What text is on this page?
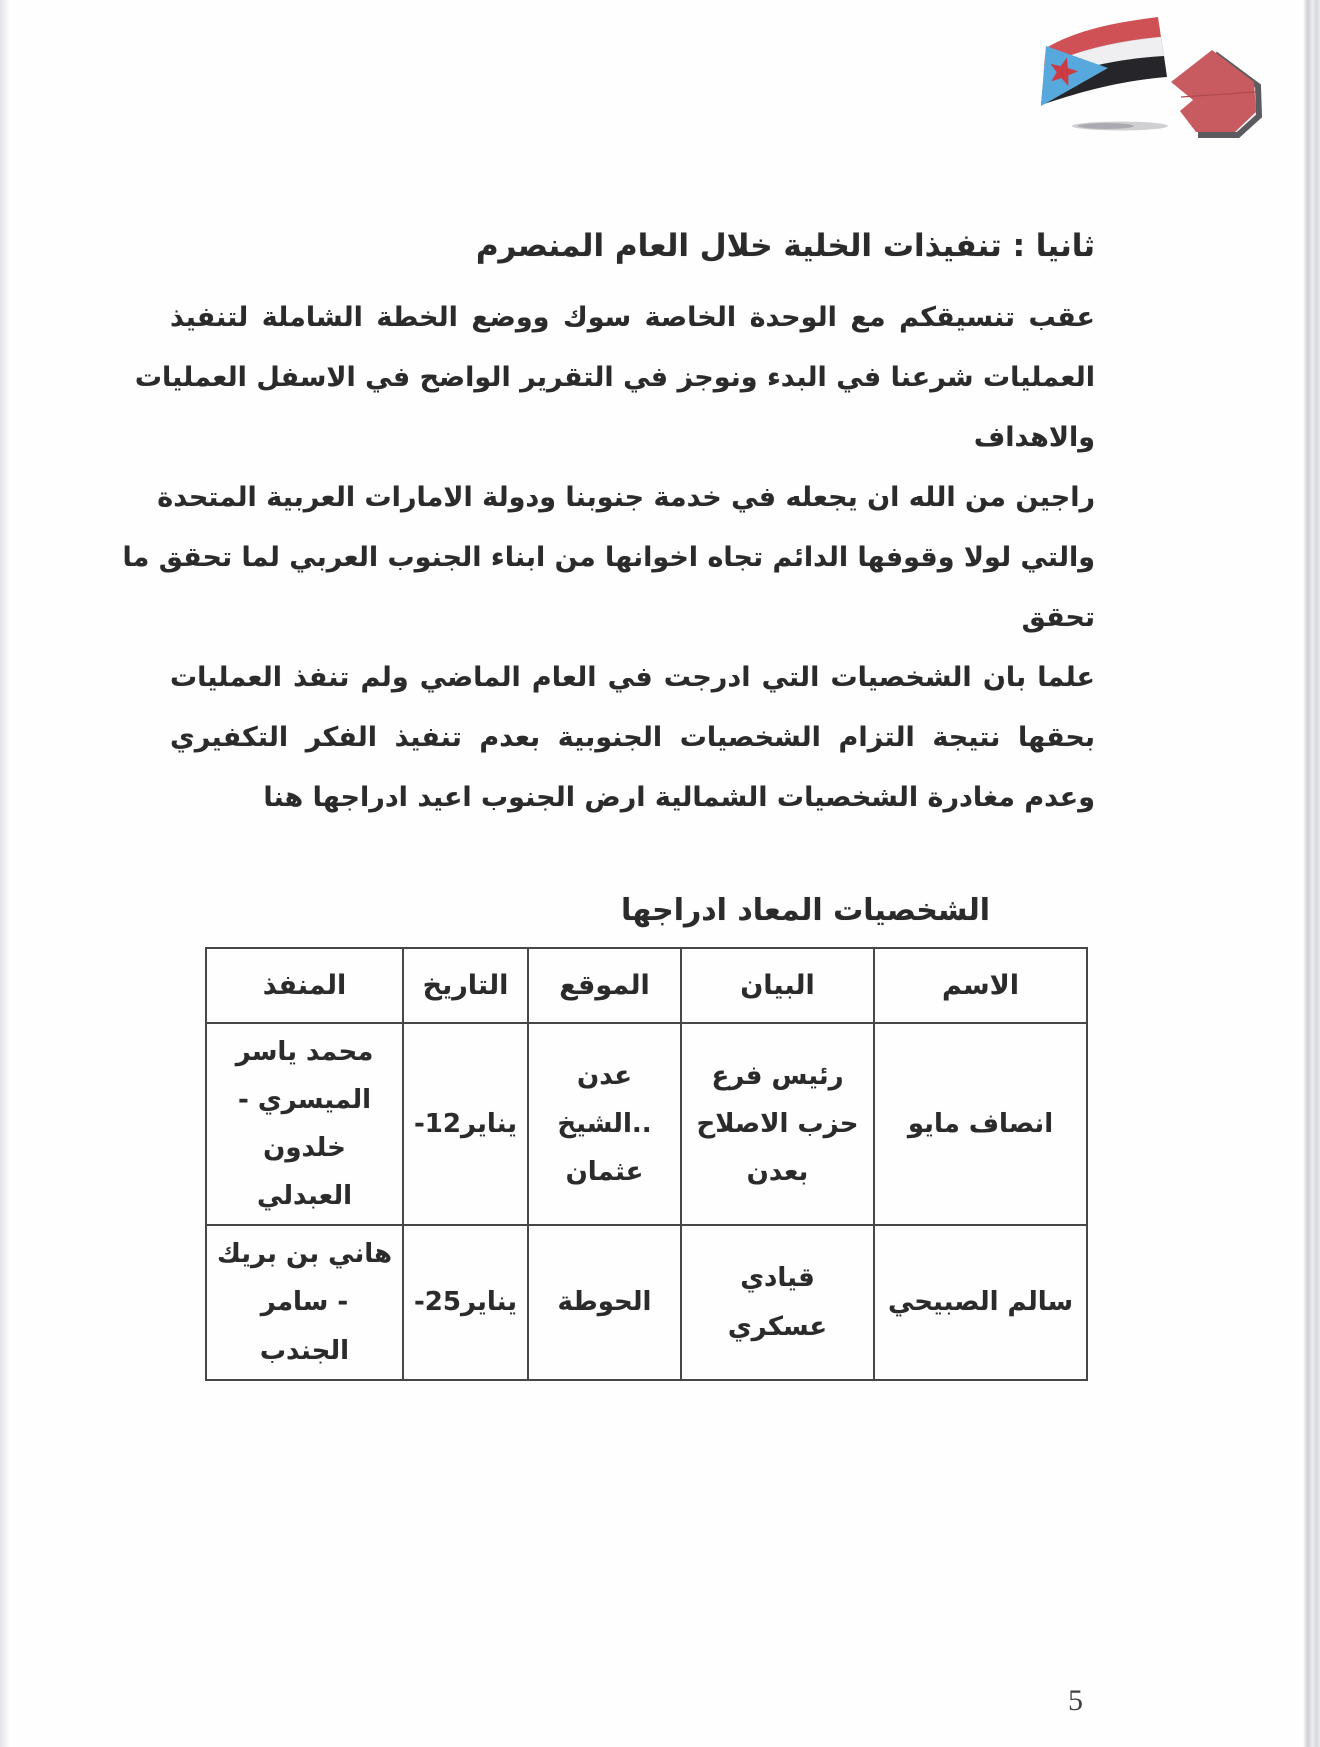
ثانيا : تنفيذات الخلية خلال العام المنصرم
عقب تنسيقكم مع الوحدة الخاصة سوك ووضع الخطة الشاملة لتنفيذ
العمليات شرعنا في البدء ونوجز في التقرير الواضح في الاسفل العمليات
والاهداف
راجين من الله ان يجعله في خدمة جنوبنا ودولة الامارات العربية المتحدة
والتي لولا وقوفها الدائم تجاه اخوانها من ابناء الجنوب العربي لما تحقق ما
تحقق
علما بان الشخصيات التي ادرجت في العام الماضي ولم تنفذ العمليات
بحقها نتيجة التزام الشخصيات الجنوبية بعدم تنفيذ الفكر التكفيري
وعدم مغادرة الشخصيات الشمالية ارض الجنوب اعيد ادراجها هنا
الشخصيات المعاد ادراجها
الاسم	البيان	الموقع	التاريخ	المنفذ
انصاف مايو	رئيس فرع حزب الاصلاح بعدن	عدن ..الشيخ عثمان	يناير12-	محمد ياسر الميسري - خلدون العبدلي
سالم الصبيحي	قيادي عسكري	الحوطة	يناير25-	هاني بن بريك - سامر الجندب
5
